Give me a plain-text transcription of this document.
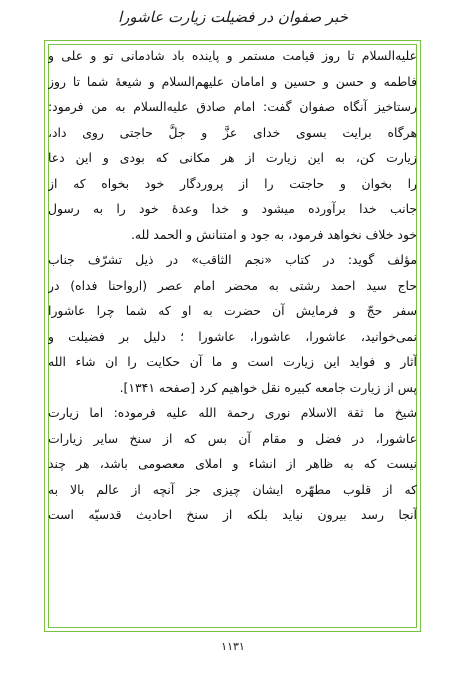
خبر صفوان در فضیلت زیارت عاشورا
عليه‌السلام تا روز قیامت مستمر و پاینده باد شادمانی تو و علی و
فاطمه و حسن و حسین و امامان عليهم‌السلام و شیعهٔ شما تا روز
رستاخیز آنگاه صفوان گفت: امام صادق عليه‌السلام به من فرمود:
هرگاه برایت بسوی خدای عزَّ و جلَّ حاجتی روی داد،
زیارت کن، به این زیارت از هر مکانی که بودی و این دعا
را بخوان و حاجتت را از پروردگار خود بخواه که از
جانب خدا برآورده میشود و خدا وعدهٔ خود را به رسول
خود خلاف نخواهد فرمود، به جود و امتنانش و الحمد لله.
مؤلف گوید: در کتاب «نجم الثاقب» در ذیل تشرّف جناب
حاج سید احمد رشتی به محضر امام عصر (ارواحنا فداه) در
سفر حجّ و فرمایش آن حضرت به او که شما چرا عاشورا
نمی‌خوانید، عاشورا، عاشورا، عاشورا ؛ دلیل بر فضیلت و
آثار و فواید این زیارت است و ما آن حکایت را ان شاء الله
پس از زیارت جامعه کبیره نقل خواهیم کرد [صفحه ۱۳۴۱].
شیخ ما ثقة الاسلام نوری رحمة الله علیه فرموده: اما زیارت
عاشورا، در فضل و مقام آن بس که از سنخ سایر زیارات
نیست که به ظاهر از انشاء و املای معصومی باشد، هر چند
که از قلوب مطهّره ایشان چیزی جز آنچه از عالم بالا به
آنجا رسد بیرون نیاید بلکه از سنخ احادیث قدسیّه است
۱۱۳۱
